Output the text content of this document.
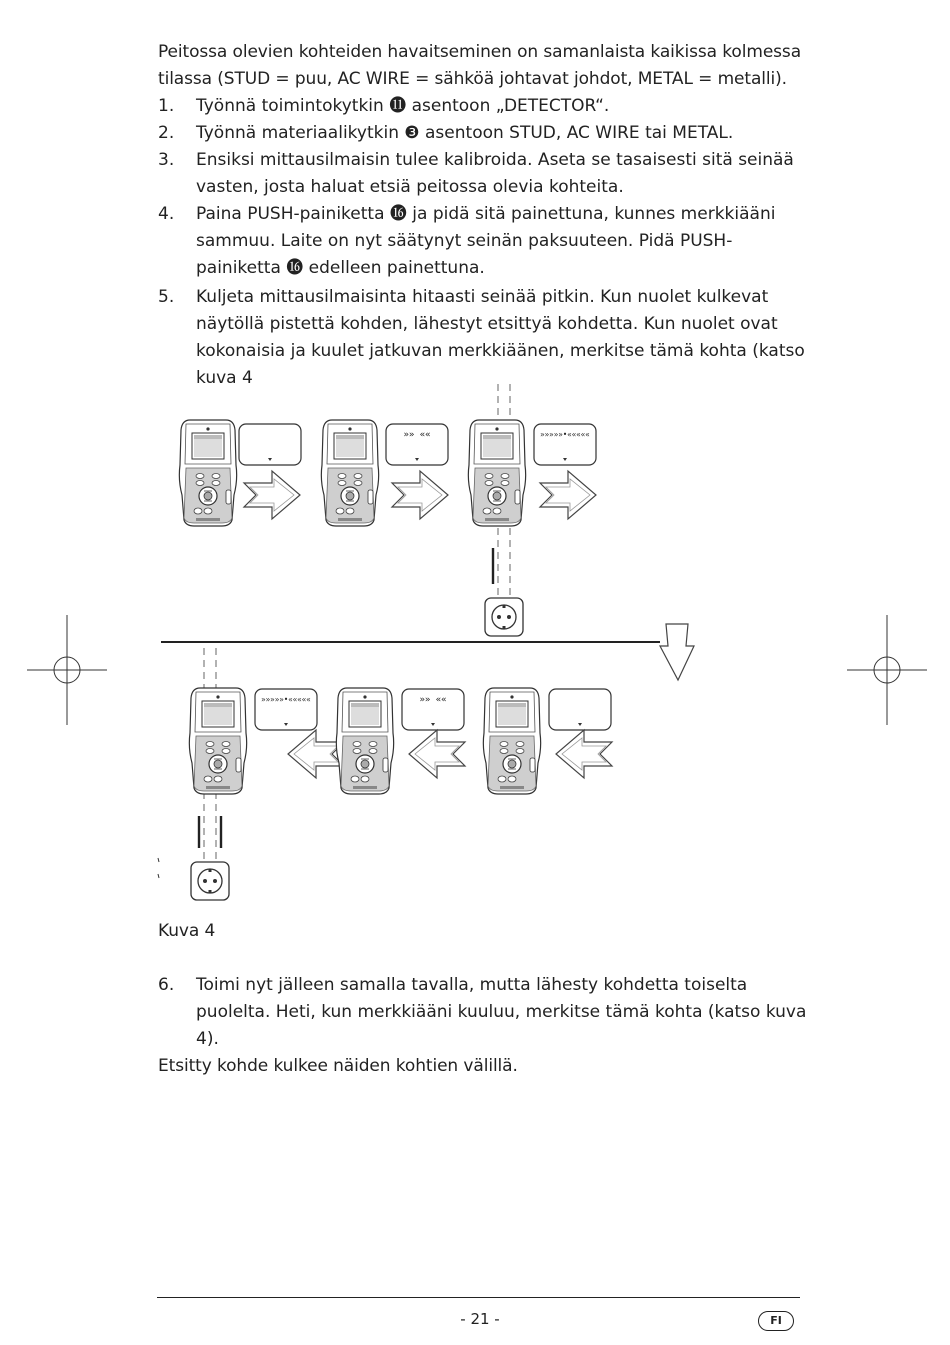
Peitossa olevien kohteiden havaitseminen on samanlaista kaikissa kolmessa tilassa (STUD = puu, AC WIRE = sähköä johtavat johdot, METAL = metalli).
1. Työnnä toimintokytkin ⓫ asentoon „DETECTOR“.
2. Työnnä materiaalikytkin ❸ asentoon STUD, AC WIRE tai METAL.
3. Ensiksi mittausilmaisin tulee kalibroida. Aseta se tasaisesti sitä seinää vasten, josta haluat etsiä peitossa olevia kohteita.
4. Paina PUSH-painiketta ⓰ ja pidä sitä painettuna, kunnes merkkiääni sammuu. Laite on nyt säätynyt seinän paksuuteen. Pidä PUSH-painiketta ⓰ edelleen painettuna.
5. Kuljeta mittausilmaisinta hitaasti seinää pitkin. Kun nuolet kulkevat näytöllä pistettä kohden, lähestyt etsittyä kohdetta. Kun nuolet ovat kokonaisia ja kuulet jatkuvan merkkiäänen, merkitse tämä kohta (katso kuva 4
»» ««	»»»»»•«««««
»»»»»•«««««	»» ««
Kuva 4
6. Toimi nyt jälleen samalla tavalla, mutta lähesty kohdetta toiselta puolelta. Heti, kun merkkiääni kuuluu, merkitse tämä kohta (katso kuva 4).
Etsitty kohde kulkee näiden kohtien välillä.
- 21 -	FI
